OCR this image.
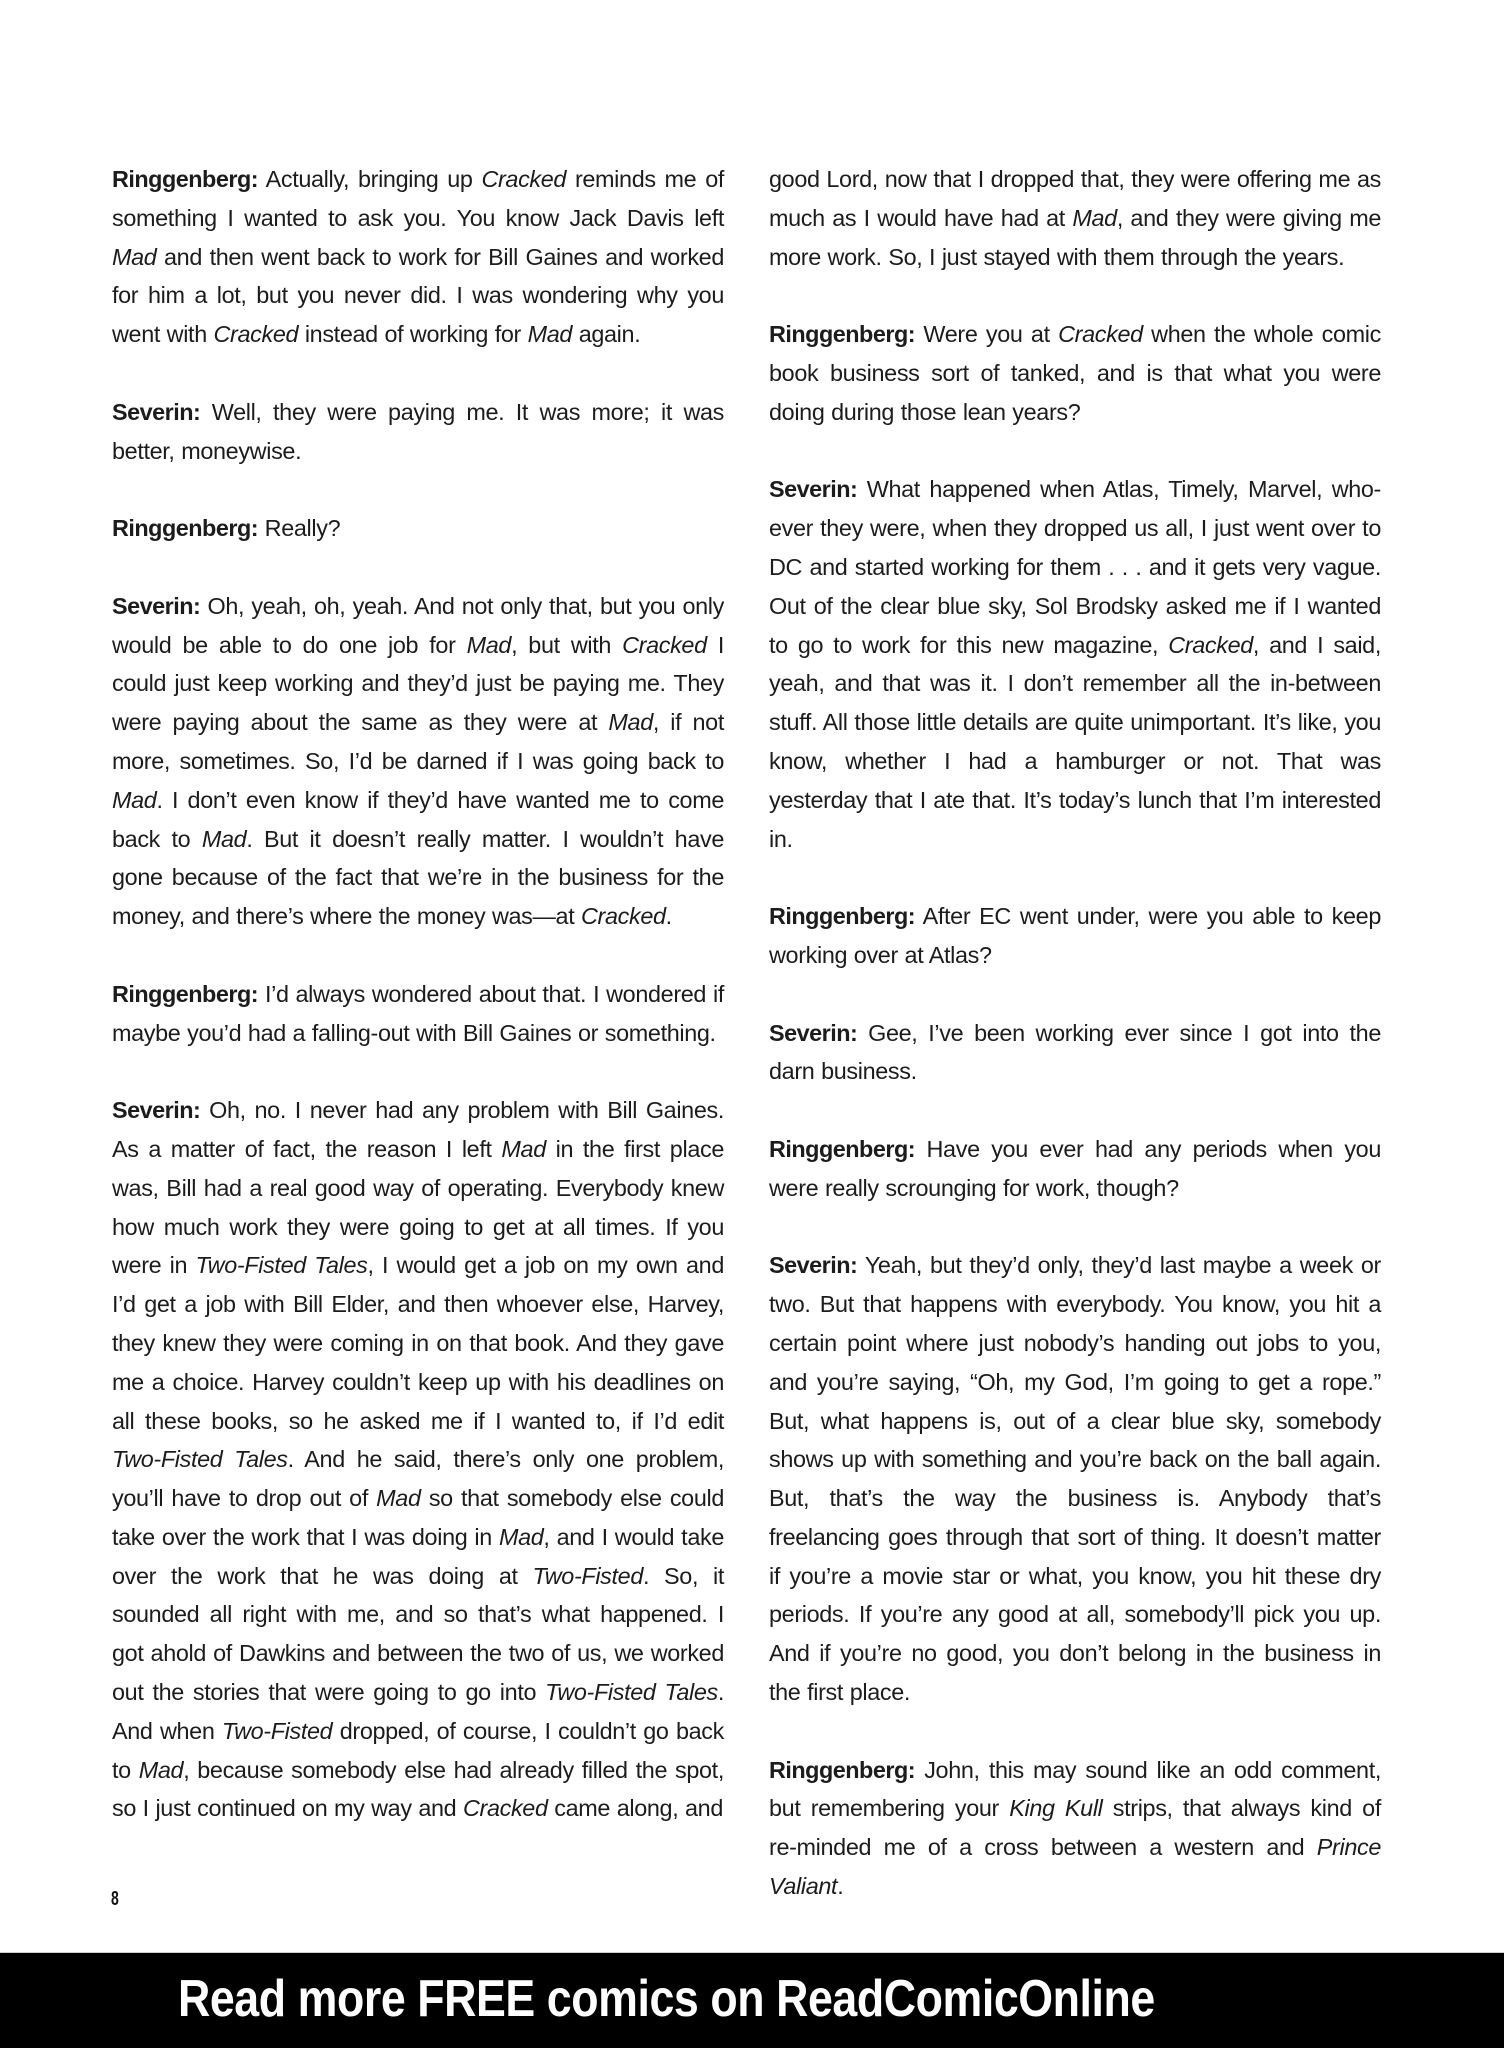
Ringgenberg: Actually, bringing up Cracked reminds me of something I wanted to ask you. You know Jack Davis left Mad and then went back to work for Bill Gaines and worked for him a lot, but you never did. I was wondering why you went with Cracked instead of working for Mad again.

Severin: Well, they were paying me. It was more; it was better, moneywise.

Ringgenberg: Really?

Severin: Oh, yeah, oh, yeah. And not only that, but you only would be able to do one job for Mad, but with Cracked I could just keep working and they’d just be paying me. They were paying about the same as they were at Mad, if not more, sometimes. So, I’d be darned if I was going back to Mad. I don’t even know if they’d have wanted me to come back to Mad. But it doesn’t really matter. I wouldn’t have gone because of the fact that we’re in the business for the money, and there’s where the money was—at Cracked.

Ringgenberg: I’d always wondered about that. I wondered if maybe you’d had a falling-out with Bill Gaines or something.

Severin: Oh, no. I never had any problem with Bill Gaines. As a matter of fact, the reason I left Mad in the first place was, Bill had a real good way of operating. Everybody knew how much work they were going to get at all times. If you were in Two-Fisted Tales, I would get a job on my own and I’d get a job with Bill Elder, and then whoever else, Harvey, they knew they were coming in on that book. And they gave me a choice. Harvey couldn’t keep up with his deadlines on all these books, so he asked me if I wanted to, if I’d edit Two-Fisted Tales. And he said, there’s only one problem, you’ll have to drop out of Mad so that somebody else could take over the work that I was doing in Mad, and I would take over the work that he was doing at Two-Fisted. So, it sounded all right with me, and so that’s what happened. I got ahold of Dawkins and between the two of us, we worked out the stories that were going to go into Two-Fisted Tales. And when Two-Fisted dropped, of course, I couldn’t go back to Mad, because somebody else had already filled the spot, so I just continued on my way and Cracked came along, and

good Lord, now that I dropped that, they were offering me as much as I would have had at Mad, and they were giving me more work. So, I just stayed with them through the years.

Ringgenberg: Were you at Cracked when the whole comic book business sort of tanked, and is that what you were doing during those lean years?

Severin: What happened when Atlas, Timely, Marvel, who-ever they were, when they dropped us all, I just went over to DC and started working for them . . . and it gets very vague. Out of the clear blue sky, Sol Brodsky asked me if I wanted to go to work for this new magazine, Cracked, and I said, yeah, and that was it. I don’t remember all the in-between stuff. All those little details are quite unimportant. It’s like, you know, whether I had a hamburger or not. That was yesterday that I ate that. It’s today’s lunch that I’m interested in.

Ringgenberg: After EC went under, were you able to keep working over at Atlas?

Severin: Gee, I’ve been working ever since I got into the darn business.

Ringgenberg: Have you ever had any periods when you were really scrounging for work, though?

Severin: Yeah, but they’d only, they’d last maybe a week or two. But that happens with everybody. You know, you hit a certain point where just nobody’s handing out jobs to you, and you’re saying, “Oh, my God, I’m going to get a rope.” But, what happens is, out of a clear blue sky, somebody shows up with something and you’re back on the ball again. But, that’s the way the business is. Anybody that’s freelancing goes through that sort of thing. It doesn’t matter if you’re a movie star or what, you know, you hit these dry periods. If you’re any good at all, somebody’ll pick you up. And if you’re no good, you don’t belong in the business in the first place.

Ringgenberg: John, this may sound like an odd comment, but remembering your King Kull strips, that always kind of re-minded me of a cross between a western and Prince Valiant.

8
Read more FREE comics on ReadComicOnline
